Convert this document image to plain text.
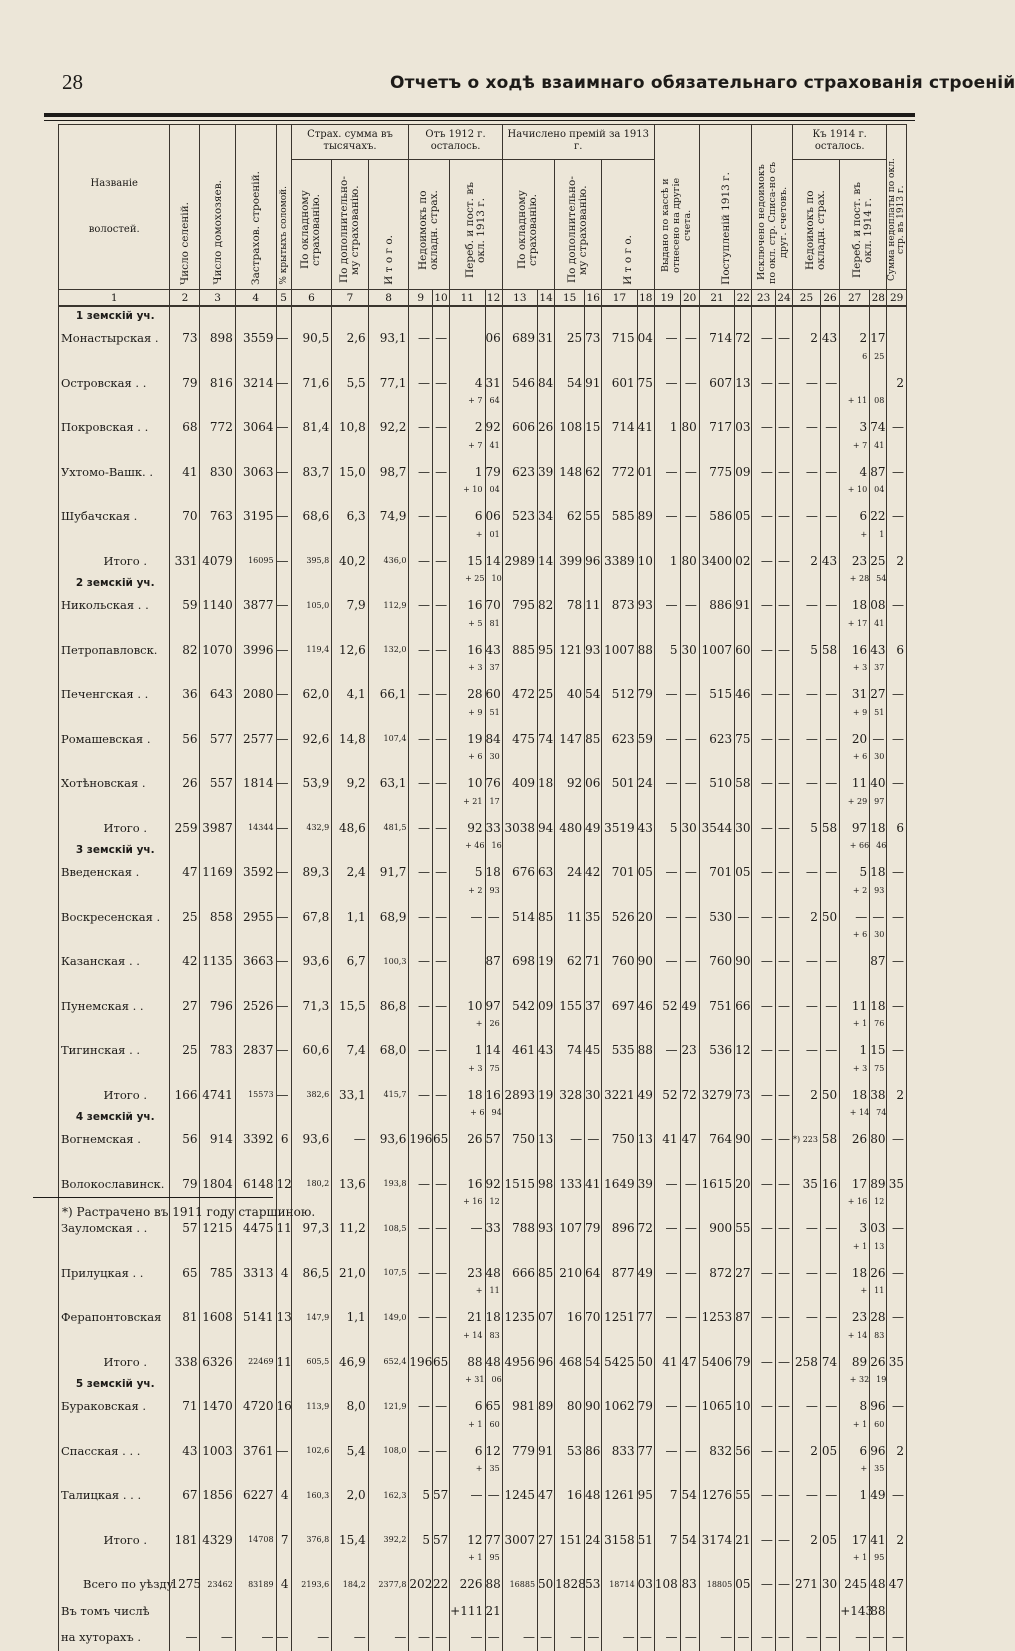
28	Отчетъ о ходѣ взаимнаго обязательнаго страхованія строеній
Названіе
волостей.	Число селеній.	Число домохозяев.	Застрахов. строеній.	% крытыхъ соломой.	Страх. сумма въ тысячахъ.			Отъ 1912 г. осталось.				Начислено премій за 1913 г.						Выдано по кассѣ и отнесено на другіе счета.		Поступленій 1913 г.		Исключено недоимокъ по окл. стр. Списа-но съ друг. счетовъ.		Къ 1914 г. осталось.				Сумма недоплаты по окл. стр. въ 1913 г.

					По окладному страхованію.	По дополнительно-му страхованію.	И т о г о.	Недоимокъ по окладн. страх.		Переб. и пост. въ окл. 1913 г.		По окладному страхованію.		По дополнительно-му страхованію.		И т о г о.								Недоимокъ по окладн. страх.		Переб. и пост. въ окл. 1914 г.		

1	2	3	4	5	6	7	8	9	10	11	12	13	14	15	16	17	18	19	20	21	22	23	24	25	26	27	28	29
1 земскій уч.																												
Монастырская .	73	898	3559	—	90,5	2,6	93,1	—	—		06	689	31	25	73	715	04	—	—	714	72	—	—	2	43	2	17	
																										6	25	
Островская . .	79	816	3214	—	71,6	5,5	77,1	—	—	4	31	546	84	54	91	601	75	—	—	607	13	—	—	—	—			2
										+ 7	64															+ 11	08	
Покровская . .	68	772	3064	—	81,4	10,8	92,2	—	—	2	92	606	26	108	15	714	41	1	80	717	03	—	—	—	—	3	74	—
										+ 7	41															+ 7	41	
Ухтомо-Вашк. .	41	830	3063	—	83,7	15,0	98,7	—	—	1	79	623	39	148	62	772	01	—	—	775	09	—	—	—	—	4	87	—
										+ 10	04															+ 10	04	
Шубачская .	70	763	3195	—	68,6	6,3	74,9	—	—	6	06	523	34	62	55	585	89	—	—	586	05	—	—	—	—	6	22	—
										+	01															+	1	
Итого .	331	4079	16095	—	395,8	40,2	436,0	—	—	15	14	2989	14	399	96	3389	10	1	80	3400	02	—	—	2	43	23	25	2
2 земскій уч.										+ 25	10															+ 28	54	
Никольская . .	59	1140	3877	—	105,0	7,9	112,9	—	—	16	70	795	82	78	11	873	93	—	—	886	91	—	—	—	—	18	08	—
										+ 5	81															+ 17	41	
Петропавловск.	82	1070	3996	—	119,4	12,6	132,0	—	—	16	43	885	95	121	93	1007	88	5	30	1007	60	—	—	5	58	16	43	6
										+ 3	37															+ 3	37	
Печенгская . .	36	643	2080	—	62,0	4,1	66,1	—	—	28	60	472	25	40	54	512	79	—	—	515	46	—	—	—	—	31	27	—
										+ 9	51															+ 9	51	
Ромашевская .	56	577	2577	—	92,6	14,8	107,4	—	—	19	84	475	74	147	85	623	59	—	—	623	75	—	—	—	—	20	—	—
										+ 6	30															+ 6	30	
Хотѣновская .	26	557	1814	—	53,9	9,2	63,1	—	—	10	76	409	18	92	06	501	24	—	—	510	58	—	—	—	—	11	40	—
										+ 21	17															+ 29	97	
Итого .	259	3987	14344	—	432,9	48,6	481,5	—	—	92	33	3038	94	480	49	3519	43	5	30	3544	30	—	—	5	58	97	18	6
3 земскій уч.										+ 46	16															+ 66	46	
Введенская .	47	1169	3592	—	89,3	2,4	91,7	—	—	5	18	676	63	24	42	701	05	—	—	701	05	—	—	—	—	5	18	—
										+ 2	93															+ 2	93	
Воскресенская .	25	858	2955	—	67,8	1,1	68,9	—	—	—	—	514	85	11	35	526	20	—	—	530	—	—	—	2	50	—	—	—
																										+ 6	30	
Казанская . .	42	1135	3663	—	93,6	6,7	100,3	—	—		87	698	19	62	71	760	90	—	—	760	90	—	—	—	—		87	—

Пунемская . .	27	796	2526	—	71,3	15,5	86,8	—	—	10	97	542	09	155	37	697	46	52	49	751	66	—	—	—	—	11	18	—
										+	26															+ 1	76	
Тигинская . .	25	783	2837	—	60,6	7,4	68,0	—	—	1	14	461	43	74	45	535	88	—	23	536	12	—	—	—	—	1	15	—
										+ 3	75															+ 3	75	
Итого .	166	4741	15573	—	382,6	33,1	415,7	—	—	18	16	2893	19	328	30	3221	49	52	72	3279	73	—	—	2	50	18	38	2
4 земскій уч.										+ 6	94															+ 14	74	
Вогнемская .	56	914	3392	6	93,6	—	93,6	196	65	26	57	750	13	—	—	750	13	41	47	764	90	—	—	*) 223	58	26	80	—

Волокославинск.	79	1804	6148	12	180,2	13,6	193,8	—	—	16	92	1515	98	133	41	1649	39	—	—	1615	20	—	—	35	16	17	89	35
										+ 16	12															+ 16	12	
Зауломская . .	57	1215	4475	11	97,3	11,2	108,5	—	—	—	33	788	93	107	79	896	72	—	—	900	55	—	—	—	—	3	03	—
																										+ 1	13	
Прилуцкая . .	65	785	3313	4	86,5	21,0	107,5	—	—	23	48	666	85	210	64	877	49	—	—	872	27	—	—	—	—	18	26	—
										+	11															+	11	
Ферапонтовская	81	1608	5141	13	147,9	1,1	149,0	—	—	21	18	1235	07	16	70	1251	77	—	—	1253	87	—	—	—	—	23	28	—
										+ 14	83															+ 14	83	
Итого .	338	6326	22469	11	605,5	46,9	652,4	196	65	88	48	4956	96	468	54	5425	50	41	47	5406	79	—	—	258	74	89	26	35
5 земскій уч.										+ 31	06															+ 32	19	
Бураковская .	71	1470	4720	16	113,9	8,0	121,9	—	—	6	65	981	89	80	90	1062	79	—	—	1065	10	—	—	—	—	8	96	—
										+ 1	60															+ 1	60	
Спасская . . .	43	1003	3761	—	102,6	5,4	108,0	—	—	6	12	779	91	53	86	833	77	—	—	832	56	—	—	2	05	6	96	2
										+	35															+	35	
Талицкая . . .	67	1856	6227	4	160,3	2,0	162,3	5	57	—	—	1245	47	16	48	1261	95	7	54	1276	55	—	—	—	—	1	49	—

Итого .	181	4329	14708	7	376,8	15,4	392,2	5	57	12	77	3007	27	151	24	3158	51	7	54	3174	21	—	—	2	05	17	41	2
										+ 1	95															+ 1	95	
Всего по уѣзду	1275	23462	83189	4	2193,6	184,2	2377,8	202	22	226	88	16885	50	1828	53	18714	03	108	83	18805	05	—	—	271	30	245	48	47
Въ томъ числѣ										+111	21															+143	88	
на хуторахъ .	—	—	—	—	—	—	—	—	—	—	—	—	—	—	—	—	—	—	—	—	—	—	—	—	—	—	—	—
*) Растрачено въ 1911 году старшиною.
